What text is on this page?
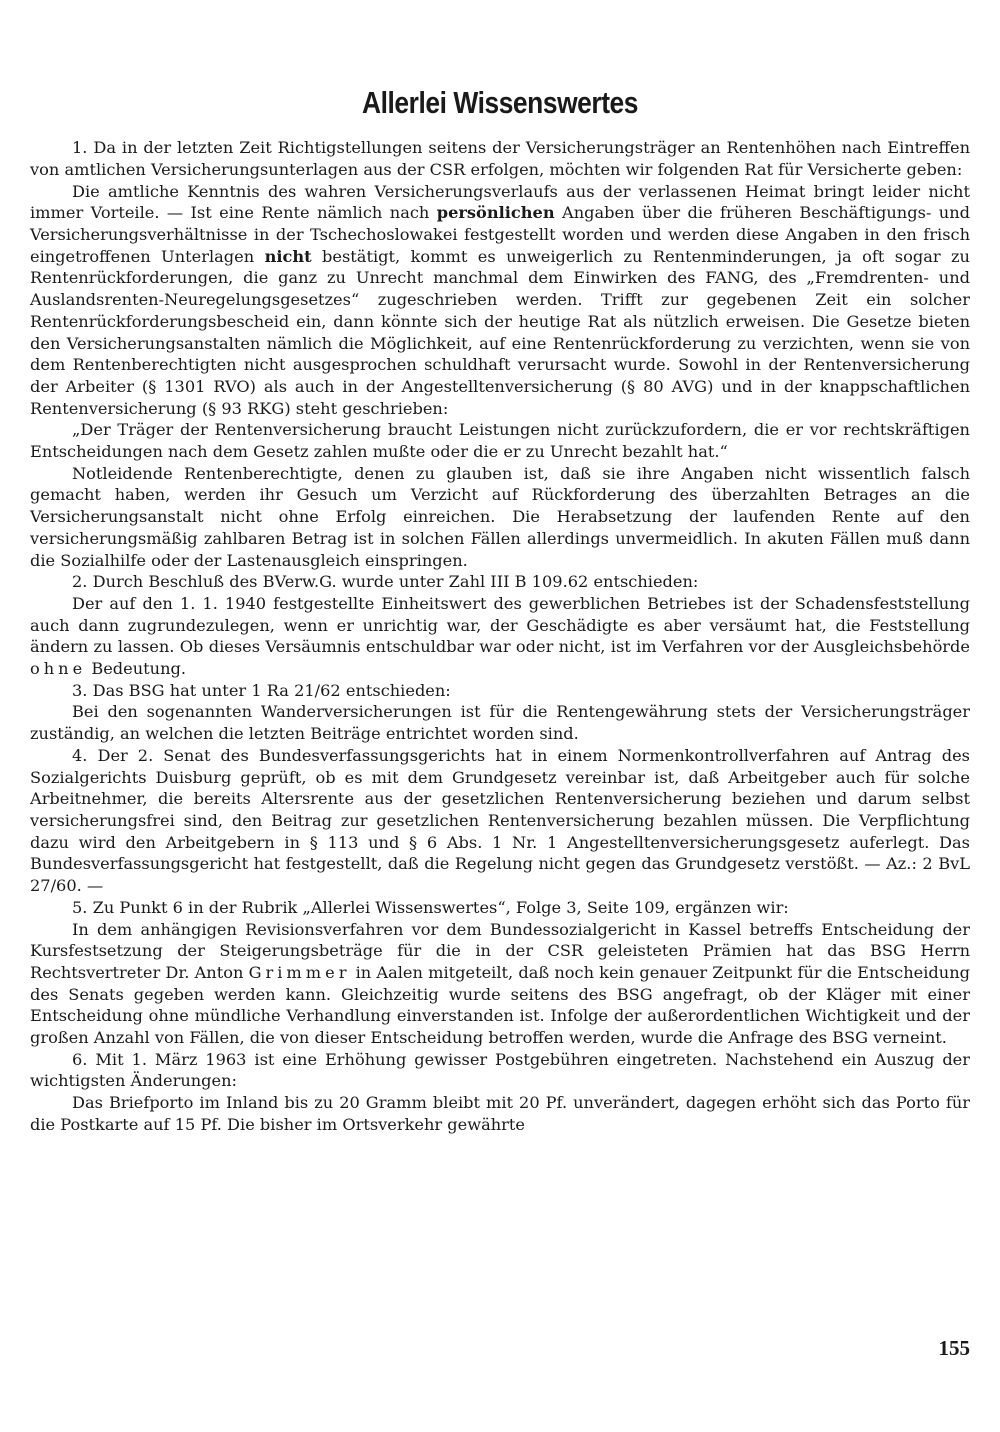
Allerlei Wissenswertes

1. Da in der letzten Zeit Richtigstellungen seitens der Versicherungsträger an Rentenhöhen nach Eintreffen von amtlichen Versicherungsunterlagen aus der CSR erfolgen, möchten wir folgenden Rat für Versicherte geben:

Die amtliche Kenntnis des wahren Versicherungsverlaufs aus der verlassenen Heimat bringt leider nicht immer Vorteile. — Ist eine Rente nämlich nach persönlichen Angaben über die früheren Beschäftigungs- und Versicherungsverhältnisse in der Tschechoslowakei festgestellt worden und werden diese Angaben in den frisch eingetroffenen Unterlagen nicht bestätigt, kommt es unweigerlich zu Rentenminderungen, ja oft sogar zu Rentenrückforderungen, die ganz zu Unrecht manchmal dem Einwirken des FANG, des „Fremdrenten- und Auslandsrenten-Neuregelungsgesetzes“ zugeschrieben werden. Trifft zur gegebenen Zeit ein solcher Rentenrückforderungsbescheid ein, dann könnte sich der heutige Rat als nützlich erweisen. Die Gesetze bieten den Versicherungsanstalten nämlich die Möglichkeit, auf eine Rentenrückforderung zu verzichten, wenn sie von dem Rentenberechtigten nicht ausgesprochen schuldhaft verursacht wurde. Sowohl in der Rentenversicherung der Arbeiter (§ 1301 RVO) als auch in der Angestelltenversicherung (§ 80 AVG) und in der knappschaftlichen Rentenversicherung (§ 93 RKG) steht geschrieben:

„Der Träger der Rentenversicherung braucht Leistungen nicht zurückzufordern, die er vor rechtskräftigen Entscheidungen nach dem Gesetz zahlen mußte oder die er zu Unrecht bezahlt hat.“

Notleidende Rentenberechtigte, denen zu glauben ist, daß sie ihre Angaben nicht wissentlich falsch gemacht haben, werden ihr Gesuch um Verzicht auf Rückforderung des überzahlten Betrages an die Versicherungsanstalt nicht ohne Erfolg einreichen. Die Herabsetzung der laufenden Rente auf den versicherungsmäßig zahlbaren Betrag ist in solchen Fällen allerdings unvermeidlich. In akuten Fällen muß dann die Sozialhilfe oder der Lastenausgleich einspringen.

2. Durch Beschluß des BVerw.G. wurde unter Zahl III B 109.62 entschieden:

Der auf den 1. 1. 1940 festgestellte Einheitswert des gewerblichen Betriebes ist der Schadensfeststellung auch dann zugrundezulegen, wenn er unrichtig war, der Geschädigte es aber versäumt hat, die Feststellung ändern zu lassen. Ob dieses Versäumnis entschuldbar war oder nicht, ist im Verfahren vor der Ausgleichsbehörde ohne Bedeutung.

3. Das BSG hat unter 1 Ra 21/62 entschieden:

Bei den sogenannten Wanderversicherungen ist für die Rentengewährung stets der Versicherungsträger zuständig, an welchen die letzten Beiträge entrichtet worden sind.

4. Der 2. Senat des Bundesverfassungsgerichts hat in einem Normenkontrollverfahren auf Antrag des Sozialgerichts Duisburg geprüft, ob es mit dem Grundgesetz vereinbar ist, daß Arbeitgeber auch für solche Arbeitnehmer, die bereits Altersrente aus der gesetzlichen Rentenversicherung beziehen und darum selbst versicherungsfrei sind, den Beitrag zur gesetzlichen Rentenversicherung bezahlen müssen. Die Verpflichtung dazu wird den Arbeitgebern in § 113 und § 6 Abs. 1 Nr. 1 Angestelltenversicherungsgesetz auferlegt. Das Bundesverfassungsgericht hat festgestellt, daß die Regelung nicht gegen das Grundgesetz verstößt. — Az.: 2 BvL 27/60. —

5. Zu Punkt 6 in der Rubrik „Allerlei Wissenswertes“, Folge 3, Seite 109, ergänzen wir:

In dem anhängigen Revisionsverfahren vor dem Bundessozialgericht in Kassel betreffs Entscheidung der Kursfestsetzung der Steigerungsbeträge für die in der CSR geleisteten Prämien hat das BSG Herrn Rechtsvertreter Dr. Anton Grimmer in Aalen mitgeteilt, daß noch kein genauer Zeitpunkt für die Entscheidung des Senats gegeben werden kann. Gleichzeitig wurde seitens des BSG angefragt, ob der Kläger mit einer Entscheidung ohne mündliche Verhandlung einverstanden ist. Infolge der außerordentlichen Wichtigkeit und der großen Anzahl von Fällen, die von dieser Entscheidung betroffen werden, wurde die Anfrage des BSG verneint.

6. Mit 1. März 1963 ist eine Erhöhung gewisser Postgebühren eingetreten. Nachstehend ein Auszug der wichtigsten Änderungen:

Das Briefporto im Inland bis zu 20 Gramm bleibt mit 20 Pf. unverändert, dagegen erhöht sich das Porto für die Postkarte auf 15 Pf. Die bisher im Ortsverkehr gewährte

155
